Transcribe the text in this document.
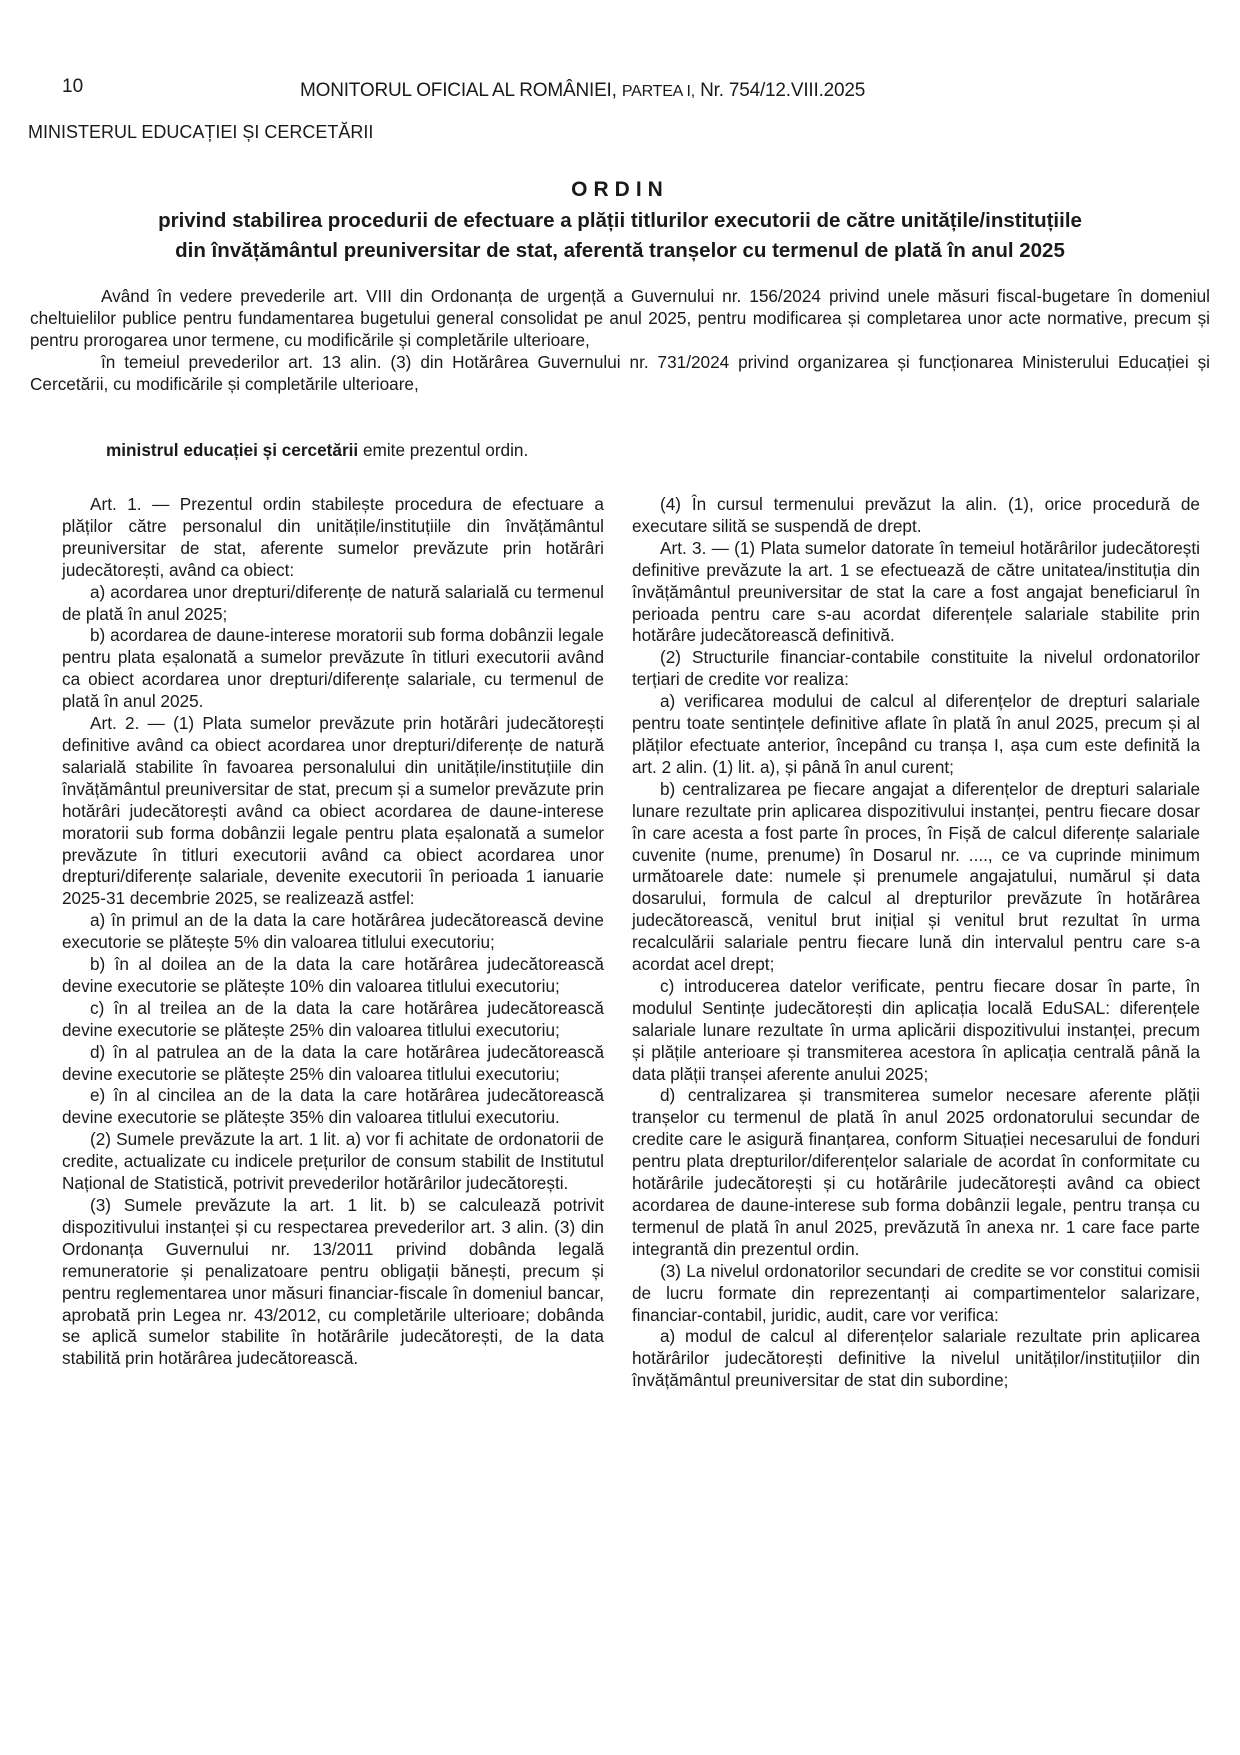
10	MONITORUL OFICIAL AL ROMÂNIEI, PARTEA I, Nr. 754/12.VIII.2025
MINISTERUL EDUCAȚIEI ȘI CERCETĂRII
ORDIN
privind stabilirea procedurii de efectuare a plății titlurilor executorii de către unitățile/instituțiile
din învățământul preuniversitar de stat, aferentă tranșelor cu termenul de plată în anul 2025

Având în vedere prevederile art. VIII din Ordonanța de urgență a Guvernului nr. 156/2024 privind unele măsuri fiscal-bugetare în domeniul cheltuielilor publice pentru fundamentarea bugetului general consolidat pe anul 2025, pentru modificarea și completarea unor acte normative, precum și pentru prorogarea unor termene, cu modificările și completările ulterioare,

în temeiul prevederilor art. 13 alin. (3) din Hotărârea Guvernului nr. 731/2024 privind organizarea și funcționarea Ministerului Educației și Cercetării, cu modificările și completările ulterioare,

ministrul educației și cercetării emite prezentul ordin.

Art. 1. — Prezentul ordin stabilește procedura de efectuare a plăților către personalul din unitățile/instituțiile din învățământul preuniversitar de stat, aferente sumelor prevăzute prin hotărâri judecătorești, având ca obiect:

a) acordarea unor drepturi/diferențe de natură salarială cu termenul de plată în anul 2025;

b) acordarea de daune-interese moratorii sub forma dobânzii legale pentru plata eșalonată a sumelor prevăzute în titluri executorii având ca obiect acordarea unor drepturi/diferențe salariale, cu termenul de plată în anul 2025.

Art. 2. — (1) Plata sumelor prevăzute prin hotărâri judecătorești definitive având ca obiect acordarea unor drepturi/diferențe de natură salarială stabilite în favoarea personalului din unitățile/instituțiile din învățământul preuniversitar de stat, precum și a sumelor prevăzute prin hotărâri judecătorești având ca obiect acordarea de daune-interese moratorii sub forma dobânzii legale pentru plata eșalonată a sumelor prevăzute în titluri executorii având ca obiect acordarea unor drepturi/diferențe salariale, devenite executorii în perioada 1 ianuarie 2025-31 decembrie 2025, se realizează astfel:

a) în primul an de la data la care hotărârea judecătorească devine executorie se plătește 5% din valoarea titlului executoriu;

b) în al doilea an de la data la care hotărârea judecătorească devine executorie se plătește 10% din valoarea titlului executoriu;

c) în al treilea an de la data la care hotărârea judecătorească devine executorie se plătește 25% din valoarea titlului executoriu;

d) în al patrulea an de la data la care hotărârea judecătorească devine executorie se plătește 25% din valoarea titlului executoriu;

e) în al cincilea an de la data la care hotărârea judecătorească devine executorie se plătește 35% din valoarea titlului executoriu.

(2) Sumele prevăzute la art. 1 lit. a) vor fi achitate de ordonatorii de credite, actualizate cu indicele prețurilor de consum stabilit de Institutul Național de Statistică, potrivit prevederilor hotărârilor judecătorești.

(3) Sumele prevăzute la art. 1 lit. b) se calculează potrivit dispozitivului instanței și cu respectarea prevederilor art. 3 alin. (3) din Ordonanța Guvernului nr. 13/2011 privind dobânda legală remuneratorie și penalizatoare pentru obligații bănești, precum și pentru reglementarea unor măsuri financiar-fiscale în domeniul bancar, aprobată prin Legea nr. 43/2012, cu completările ulterioare; dobânda se aplică sumelor stabilite în hotărârile judecătorești, de la data stabilită prin hotărârea judecătorească.

(4) În cursul termenului prevăzut la alin. (1), orice procedură de executare silită se suspendă de drept.

Art. 3. — (1) Plata sumelor datorate în temeiul hotărârilor judecătorești definitive prevăzute la art. 1 se efectuează de către unitatea/instituția din învățământul preuniversitar de stat la care a fost angajat beneficiarul în perioada pentru care s-au acordat diferențele salariale stabilite prin hotărâre judecătorească definitivă.

(2) Structurile financiar-contabile constituite la nivelul ordonatorilor terțiari de credite vor realiza:

a) verificarea modului de calcul al diferențelor de drepturi salariale pentru toate sentințele definitive aflate în plată în anul 2025, precum și al plăților efectuate anterior, începând cu tranșa I, așa cum este definită la art. 2 alin. (1) lit. a), și până în anul curent;

b) centralizarea pe fiecare angajat a diferențelor de drepturi salariale lunare rezultate prin aplicarea dispozitivului instanței, pentru fiecare dosar în care acesta a fost parte în proces, în Fișă de calcul diferențe salariale cuvenite (nume, prenume) în Dosarul nr. ...., ce va cuprinde minimum următoarele date: numele și prenumele angajatului, numărul și data dosarului, formula de calcul al drepturilor prevăzute în hotărârea judecătorească, venitul brut inițial și venitul brut rezultat în urma recalculării salariale pentru fiecare lună din intervalul pentru care s-a acordat acel drept;

c) introducerea datelor verificate, pentru fiecare dosar în parte, în modulul Sentințe judecătorești din aplicația locală EduSAL: diferențele salariale lunare rezultate în urma aplicării dispozitivului instanței, precum și plățile anterioare și transmiterea acestora în aplicația centrală până la data plății tranșei aferente anului 2025;

d) centralizarea și transmiterea sumelor necesare aferente plății tranșelor cu termenul de plată în anul 2025 ordonatorului secundar de credite care le asigură finanțarea, conform Situației necesarului de fonduri pentru plata drepturilor/diferențelor salariale de acordat în conformitate cu hotărârile judecătorești și cu hotărârile judecătorești având ca obiect acordarea de daune-interese sub forma dobânzii legale, pentru tranșa cu termenul de plată în anul 2025, prevăzută în anexa nr. 1 care face parte integrantă din prezentul ordin.

(3) La nivelul ordonatorilor secundari de credite se vor constitui comisii de lucru formate din reprezentanți ai compartimentelor salarizare, financiar-contabil, juridic, audit, care vor verifica:

a) modul de calcul al diferențelor salariale rezultate prin aplicarea hotărârilor judecătorești definitive la nivelul unităților/instituțiilor din învățământul preuniversitar de stat din subordine;
